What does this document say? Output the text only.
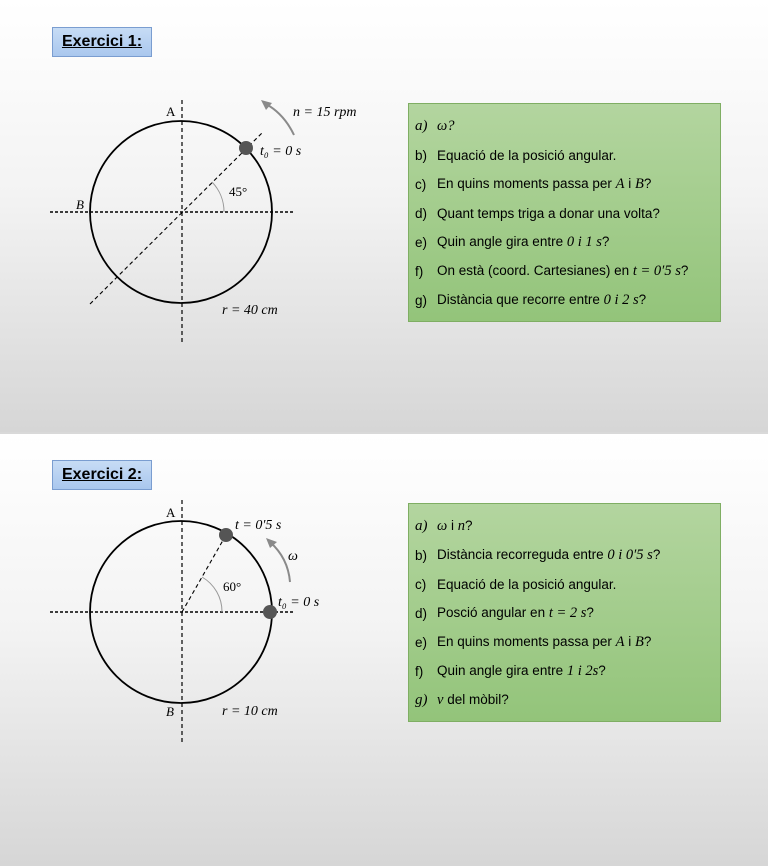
Exercici 1:
A
B
n = 15 rpm
t₀ = 0 s
45°
r = 40 cm
a) ω?
b) Equació de la posició angular.
c) En quins moments passa per A i B?
d) Quant temps triga a donar una volta?
e) Quin angle gira entre 0 i 1 s?
f)	On està (coord. Cartesianes) en t = 0′5 s?
g) Distància que recorre entre 0 i 2 s?
Exercici 2:
A
B
t = 0′5 s
ω
60°
t₀ = 0 s
r = 10 cm
a) ω i n?
b) Distància recorreguda entre 0 i 0′5 s?
c) Equació de la posició angular.
d) Posció angular en t = 2 s?
e) En quins moments passa per A i B?
f)	Quin angle gira entre 1 i 2s?
g) v del mòbil?
